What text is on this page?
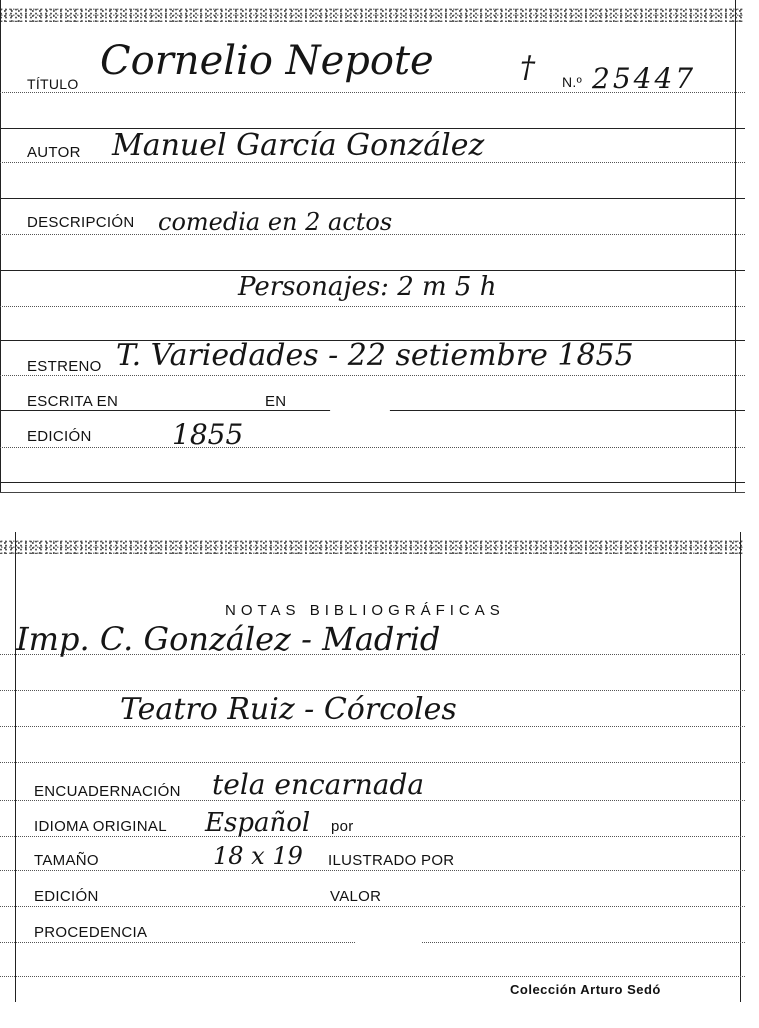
TÍTULO Cornelio Nepote	† N.º 25447
AUTOR Manuel García González
DESCRIPCIÓN comedia en 2 actos
Personajes: 2 m 5 h
ESTRENO T. Variedades - 22 setiembre 1855
ESCRITA EN	EN
EDICIÓN	1855
NOTAS BIBLIOGRÁFICAS
Imp. C. González - Madrid
Teatro Ruiz - Córcoles
ENCUADERNACIÓN tela encarnada
IDIOMA ORIGINAL Español por
TAMAÑO	18 x 19 ILUSTRADO POR
EDICIÓN	VALOR
PROCEDENCIA
Colección Arturo Sedó
